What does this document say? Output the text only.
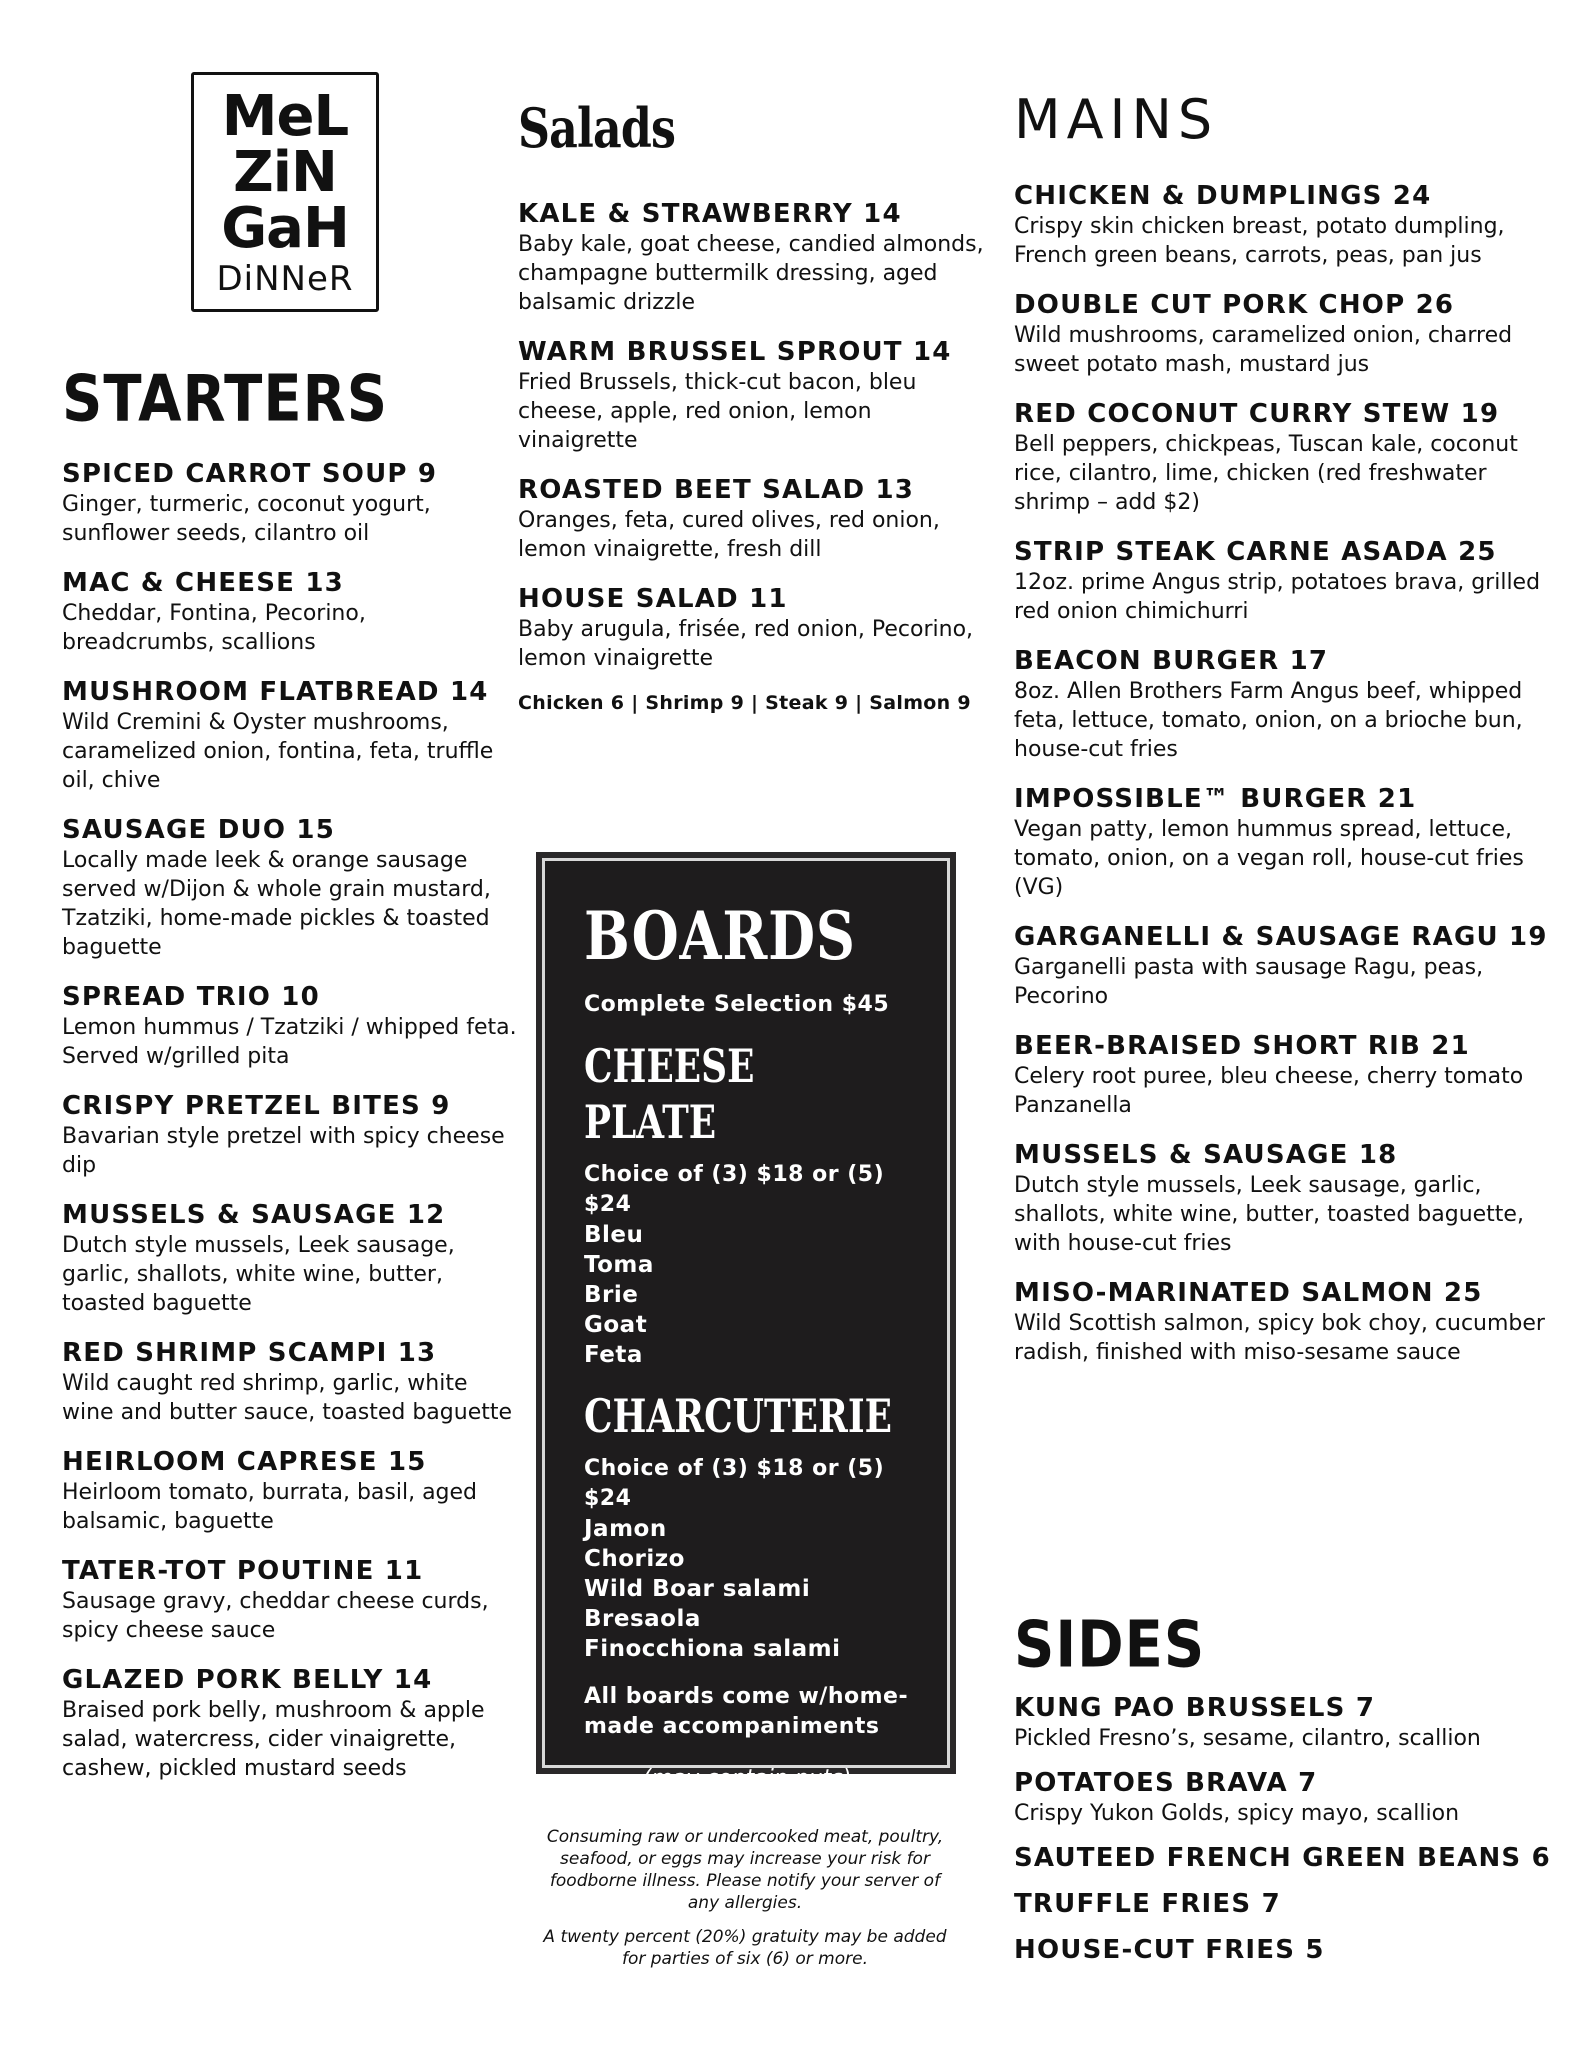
MeL
ZiN
GaH
DiNNeR
STARTERS
SPICED CARROT SOUP 9
Ginger, turmeric, coconut yogurt, sunflower seeds, cilantro oil
MAC & CHEESE 13
Cheddar, Fontina, Pecorino, breadcrumbs, scallions
MUSHROOM FLATBREAD 14
Wild Cremini & Oyster mushrooms, caramelized onion, fontina, feta, truffle oil, chive
SAUSAGE DUO 15
Locally made leek & orange sausage served w/Dijon & whole grain mustard, Tzatziki, home-made pickles & toasted baguette
SPREAD TRIO 10
Lemon hummus / Tzatziki / whipped feta. Served w/grilled pita
CRISPY PRETZEL BITES 9
Bavarian style pretzel with spicy cheese dip
MUSSELS & SAUSAGE 12
Dutch style mussels, Leek sausage, garlic, shallots, white wine, butter, toasted baguette
RED SHRIMP SCAMPI 13
Wild caught red shrimp, garlic, white wine and butter sauce, toasted baguette
HEIRLOOM CAPRESE 15
Heirloom tomato, burrata, basil, aged balsamic, baguette
TATER-TOT POUTINE 11
Sausage gravy, cheddar cheese curds, spicy cheese sauce
GLAZED PORK BELLY 14
Braised pork belly, mushroom & apple salad, watercress, cider vinaigrette, cashew, pickled mustard seeds
Salads
KALE & STRAWBERRY 14
Baby kale, goat cheese, candied almonds, champagne buttermilk dressing, aged balsamic drizzle
WARM BRUSSEL SPROUT 14
Fried Brussels, thick-cut bacon, bleu cheese, apple, red onion, lemon vinaigrette
ROASTED BEET SALAD 13
Oranges, feta, cured olives, red onion, lemon vinaigrette, fresh dill
HOUSE SALAD 11
Baby arugula, frisée, red onion, Pecorino, lemon vinaigrette
Chicken 6 | Shrimp 9 | Steak 9 | Salmon 9
BOARDS
Complete Selection $45
CHEESE PLATE
Choice of (3) $18 or (5) $24
Bleu
Toma
Brie
Goat
Feta
CHARCUTERIE
Choice of (3) $18 or (5) $24
Jamon
Chorizo
Wild Boar salami
Bresaola
Finocchiona salami
All boards come w/home-made accompaniments
(may contain nuts)

Consuming raw or undercooked meat, poultry, seafood, or eggs may increase your risk for foodborne illness. Please notify your server of any allergies.

A twenty percent (20%) gratuity may be added for parties of six (6) or more.

MAINS
CHICKEN & DUMPLINGS 24
Crispy skin chicken breast, potato dumpling, French green beans, carrots, peas, pan jus
DOUBLE CUT PORK CHOP 26
Wild mushrooms, caramelized onion, charred sweet potato mash, mustard jus
RED COCONUT CURRY STEW 19
Bell peppers, chickpeas, Tuscan kale, coconut rice, cilantro, lime, chicken (red freshwater shrimp – add $2)
STRIP STEAK CARNE ASADA 25
12oz. prime Angus strip, potatoes brava, grilled red onion chimichurri
BEACON BURGER 17
8oz. Allen Brothers Farm Angus beef, whipped feta, lettuce, tomato, onion, on a brioche bun, house-cut fries
IMPOSSIBLE™ BURGER 21
Vegan patty, lemon hummus spread, lettuce, tomato, onion, on a vegan roll, house-cut fries (VG)
GARGANELLI & SAUSAGE RAGU 19
Garganelli pasta with sausage Ragu, peas, Pecorino
BEER-BRAISED SHORT RIB 21
Celery root puree, bleu cheese, cherry tomato Panzanella
MUSSELS & SAUSAGE 18
Dutch style mussels, Leek sausage, garlic, shallots, white wine, butter, toasted baguette, with house-cut fries
MISO-MARINATED SALMON 25
Wild Scottish salmon, spicy bok choy, cucumber radish, finished with miso-sesame sauce
SIDES
KUNG PAO BRUSSELS 7
Pickled Fresno’s, sesame, cilantro, scallion
POTATOES BRAVA 7
Crispy Yukon Golds, spicy mayo, scallion
SAUTEED FRENCH GREEN BEANS 6
TRUFFLE FRIES 7
HOUSE-CUT FRIES 5
